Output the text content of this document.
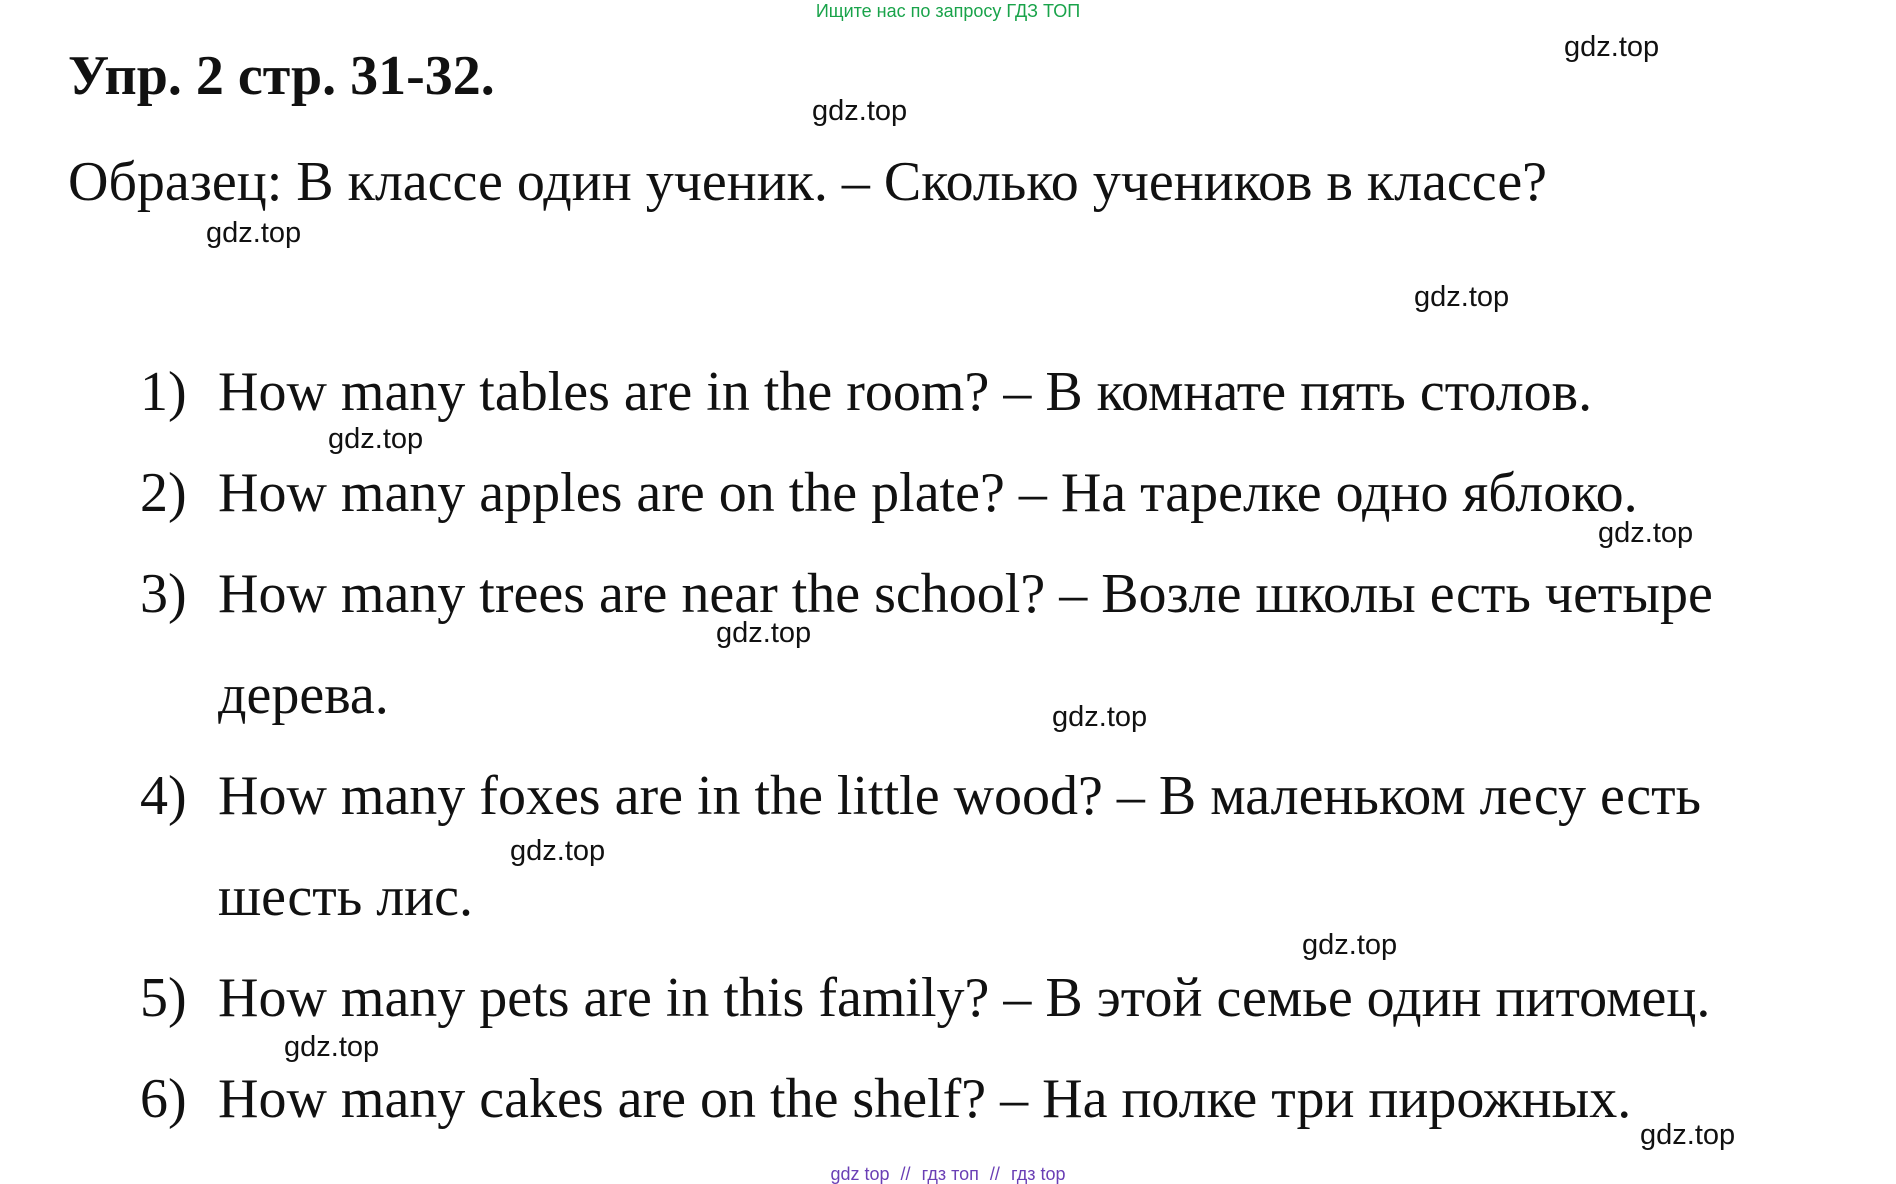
Ищите нас по запросу ГДЗ ТОП
Упр. 2 стр. 31-32.

Образец: В классе один ученик. – Сколько учеников в классе?

1) How many tables are in the room? – В комнате пять столов.
2) How many apples are on the plate? – На тарелке одно яблоко.
3) How many trees are near the school? – Возле школы есть четыре дерева.
4) How many foxes are in the little wood? – В маленьком лесу есть шесть лис.
5) How many pets are in this family? – В этой семье один питомец.
6) How many cakes are on the shelf? – На полке три пирожных.
gdz.top
gdz.top
gdz.top
gdz.top
gdz.top
gdz.top
gdz.top
gdz.top
gdz.top
gdz.top
gdz.top
gdz.top
gdz top // гдз топ // гдз top
